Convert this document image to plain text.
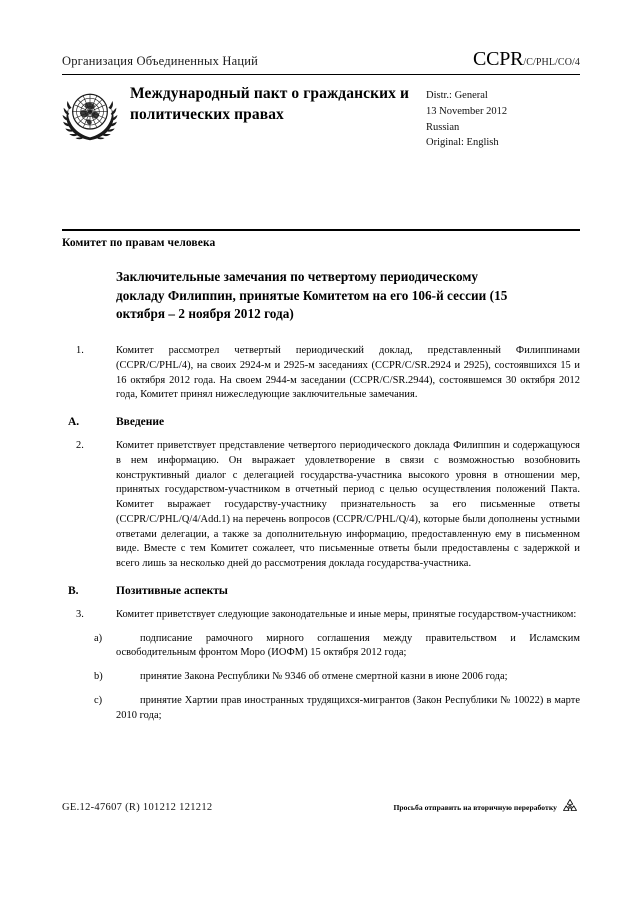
Организация Объединенных Наций	CCPR/C/PHL/CO/4
Международный пакт о гражданских и политических правах
Distr.: General
13 November 2012
Russian
Original: English
Комитет по правам человека
Заключительные замечания по четвертому периодическому докладу Филиппин, принятые Комитетом на его 106-й сессии (15 октября – 2 ноября 2012 года)

1.	Комитет рассмотрел четвертый периодический доклад, представленный Филиппинами (CCPR/C/PHL/4), на своих 2924-м и 2925-м заседаниях (CCPR/C/SR.2924 и 2925), состоявшихся 15 и 16 октября 2012 года. На своем 2944-м заседании (CCPR/C/SR.2944), состоявшемся 30 октября 2012 года, Комитет принял нижеследующие заключительные замечания.

A.	Введение

2.	Комитет приветствует представление четвертого периодического доклада Филиппин и содержащуюся в нем информацию. Он выражает удовлетворение в связи с возможностью возобновить конструктивный диалог с делегацией государства-участника высокого уровня в отношении мер, принятых государством-участником в отчетный период с целью осуществления положений Пакта. Комитет выражает государству-участнику признательность за его письменные ответы (CCPR/C/PHL/Q/4/Add.1) на перечень вопросов (CCPR/C/PHL/Q/4), которые были дополнены устными ответами делегации, а также за дополнительную информацию, предоставленную ему в письменном виде. Вместе с тем Комитет сожалеет, что письменные ответы были предоставлены с задержкой и всего лишь за несколько дней до рассмотрения доклада государства-участника.

B.	Позитивные аспекты

3.	Комитет приветствует следующие законодательные и иные меры, принятые государством-участником:

a)	подписание рамочного мирного соглашения между правительством и Исламским освободительным фронтом Моро (ИОФМ) 15 октября 2012 года;

b)	принятие Закона Республики № 9346 об отмене смертной казни в июне 2006 года;

c)	принятие Хартии прав иностранных трудящихся-мигрантов (Закон Республики № 10022) в марте 2010 года;

GE.12-47607 (R) 101212 121212	Просьба отправить на вторичную переработку
